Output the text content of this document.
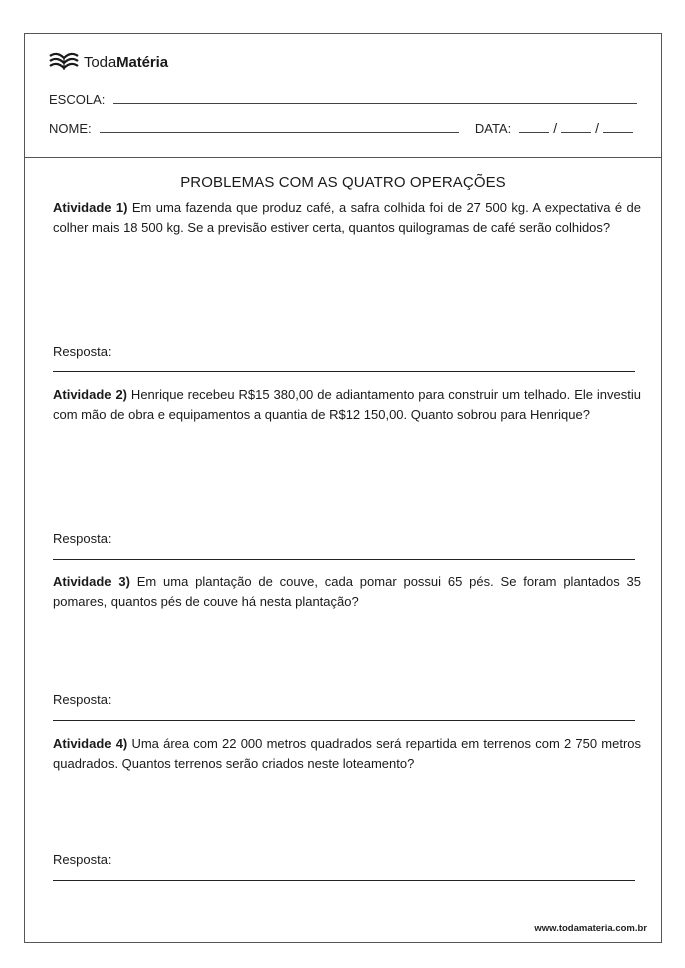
TodaMatéria
ESCOLA:
NOME:	DATA:	/	/
PROBLEMAS COM AS QUATRO OPERAÇÕES
Atividade 1) Em uma fazenda que produz café, a safra colhida foi de 27 500 kg. A expectativa é de colher mais 18 500 kg. Se a previsão estiver certa, quantos quilogramas de café serão colhidos?
Resposta:
Atividade 2) Henrique recebeu R$15 380,00 de adiantamento para construir um telhado. Ele investiu com mão de obra e equipamentos a quantia de R$12 150,00. Quanto sobrou para Henrique?
Resposta:
Atividade 3) Em uma plantação de couve, cada pomar possui 65 pés. Se foram plantados 35 pomares, quantos pés de couve há nesta plantação?
Resposta:
Atividade 4) Uma área com 22 000 metros quadrados será repartida em terrenos com 2 750 metros quadrados. Quantos terrenos serão criados neste loteamento?
Resposta:
www.todamateria.com.br
